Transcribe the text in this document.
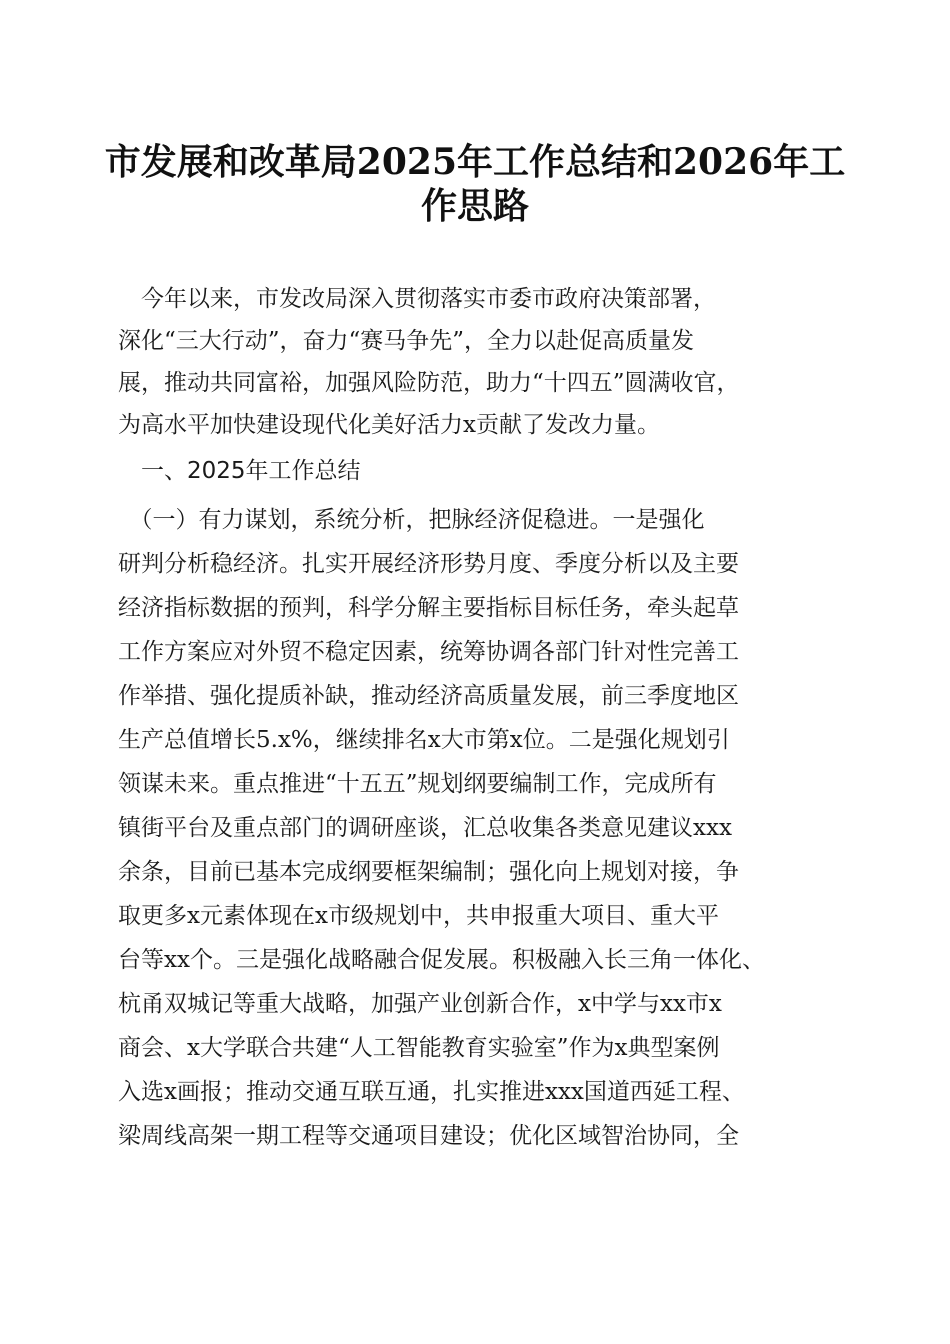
市发展和改革局2025年工作总结和2026年工
作思路
　今年以来，市发改局深入贯彻落实市委市政府决策部署，
深化“三大行动”，奋力“赛马争先”，全力以赴促高质量发
展，推动共同富裕，加强风险防范，助力“十四五”圆满收官，
为高水平加快建设现代化美好活力x贡献了发改力量。
　一、2025年工作总结
　（一）有力谋划，系统分析，把脉经济促稳进。一是强化
研判分析稳经济。扎实开展经济形势月度、季度分析以及主要
经济指标数据的预判，科学分解主要指标目标任务，牵头起草
工作方案应对外贸不稳定因素，统筹协调各部门针对性完善工
作举措、强化提质补缺，推动经济高质量发展，前三季度地区
生产总值增长5.x%，继续排名x大市第x位。二是强化规划引
领谋未来。重点推进“十五五”规划纲要编制工作，完成所有
镇街平台及重点部门的调研座谈，汇总收集各类意见建议xxx
余条，目前已基本完成纲要框架编制；强化向上规划对接，争
取更多x元素体现在x市级规划中，共申报重大项目、重大平
台等xx个。三是强化战略融合促发展。积极融入长三角一体化、
杭甬双城记等重大战略，加强产业创新合作，x中学与xx市x
商会、x大学联合共建“人工智能教育实验室”作为x典型案例
入选x画报；推动交通互联互通，扎实推进xxx国道西延工程、
梁周线高架一期工程等交通项目建设；优化区域智治协同，全
